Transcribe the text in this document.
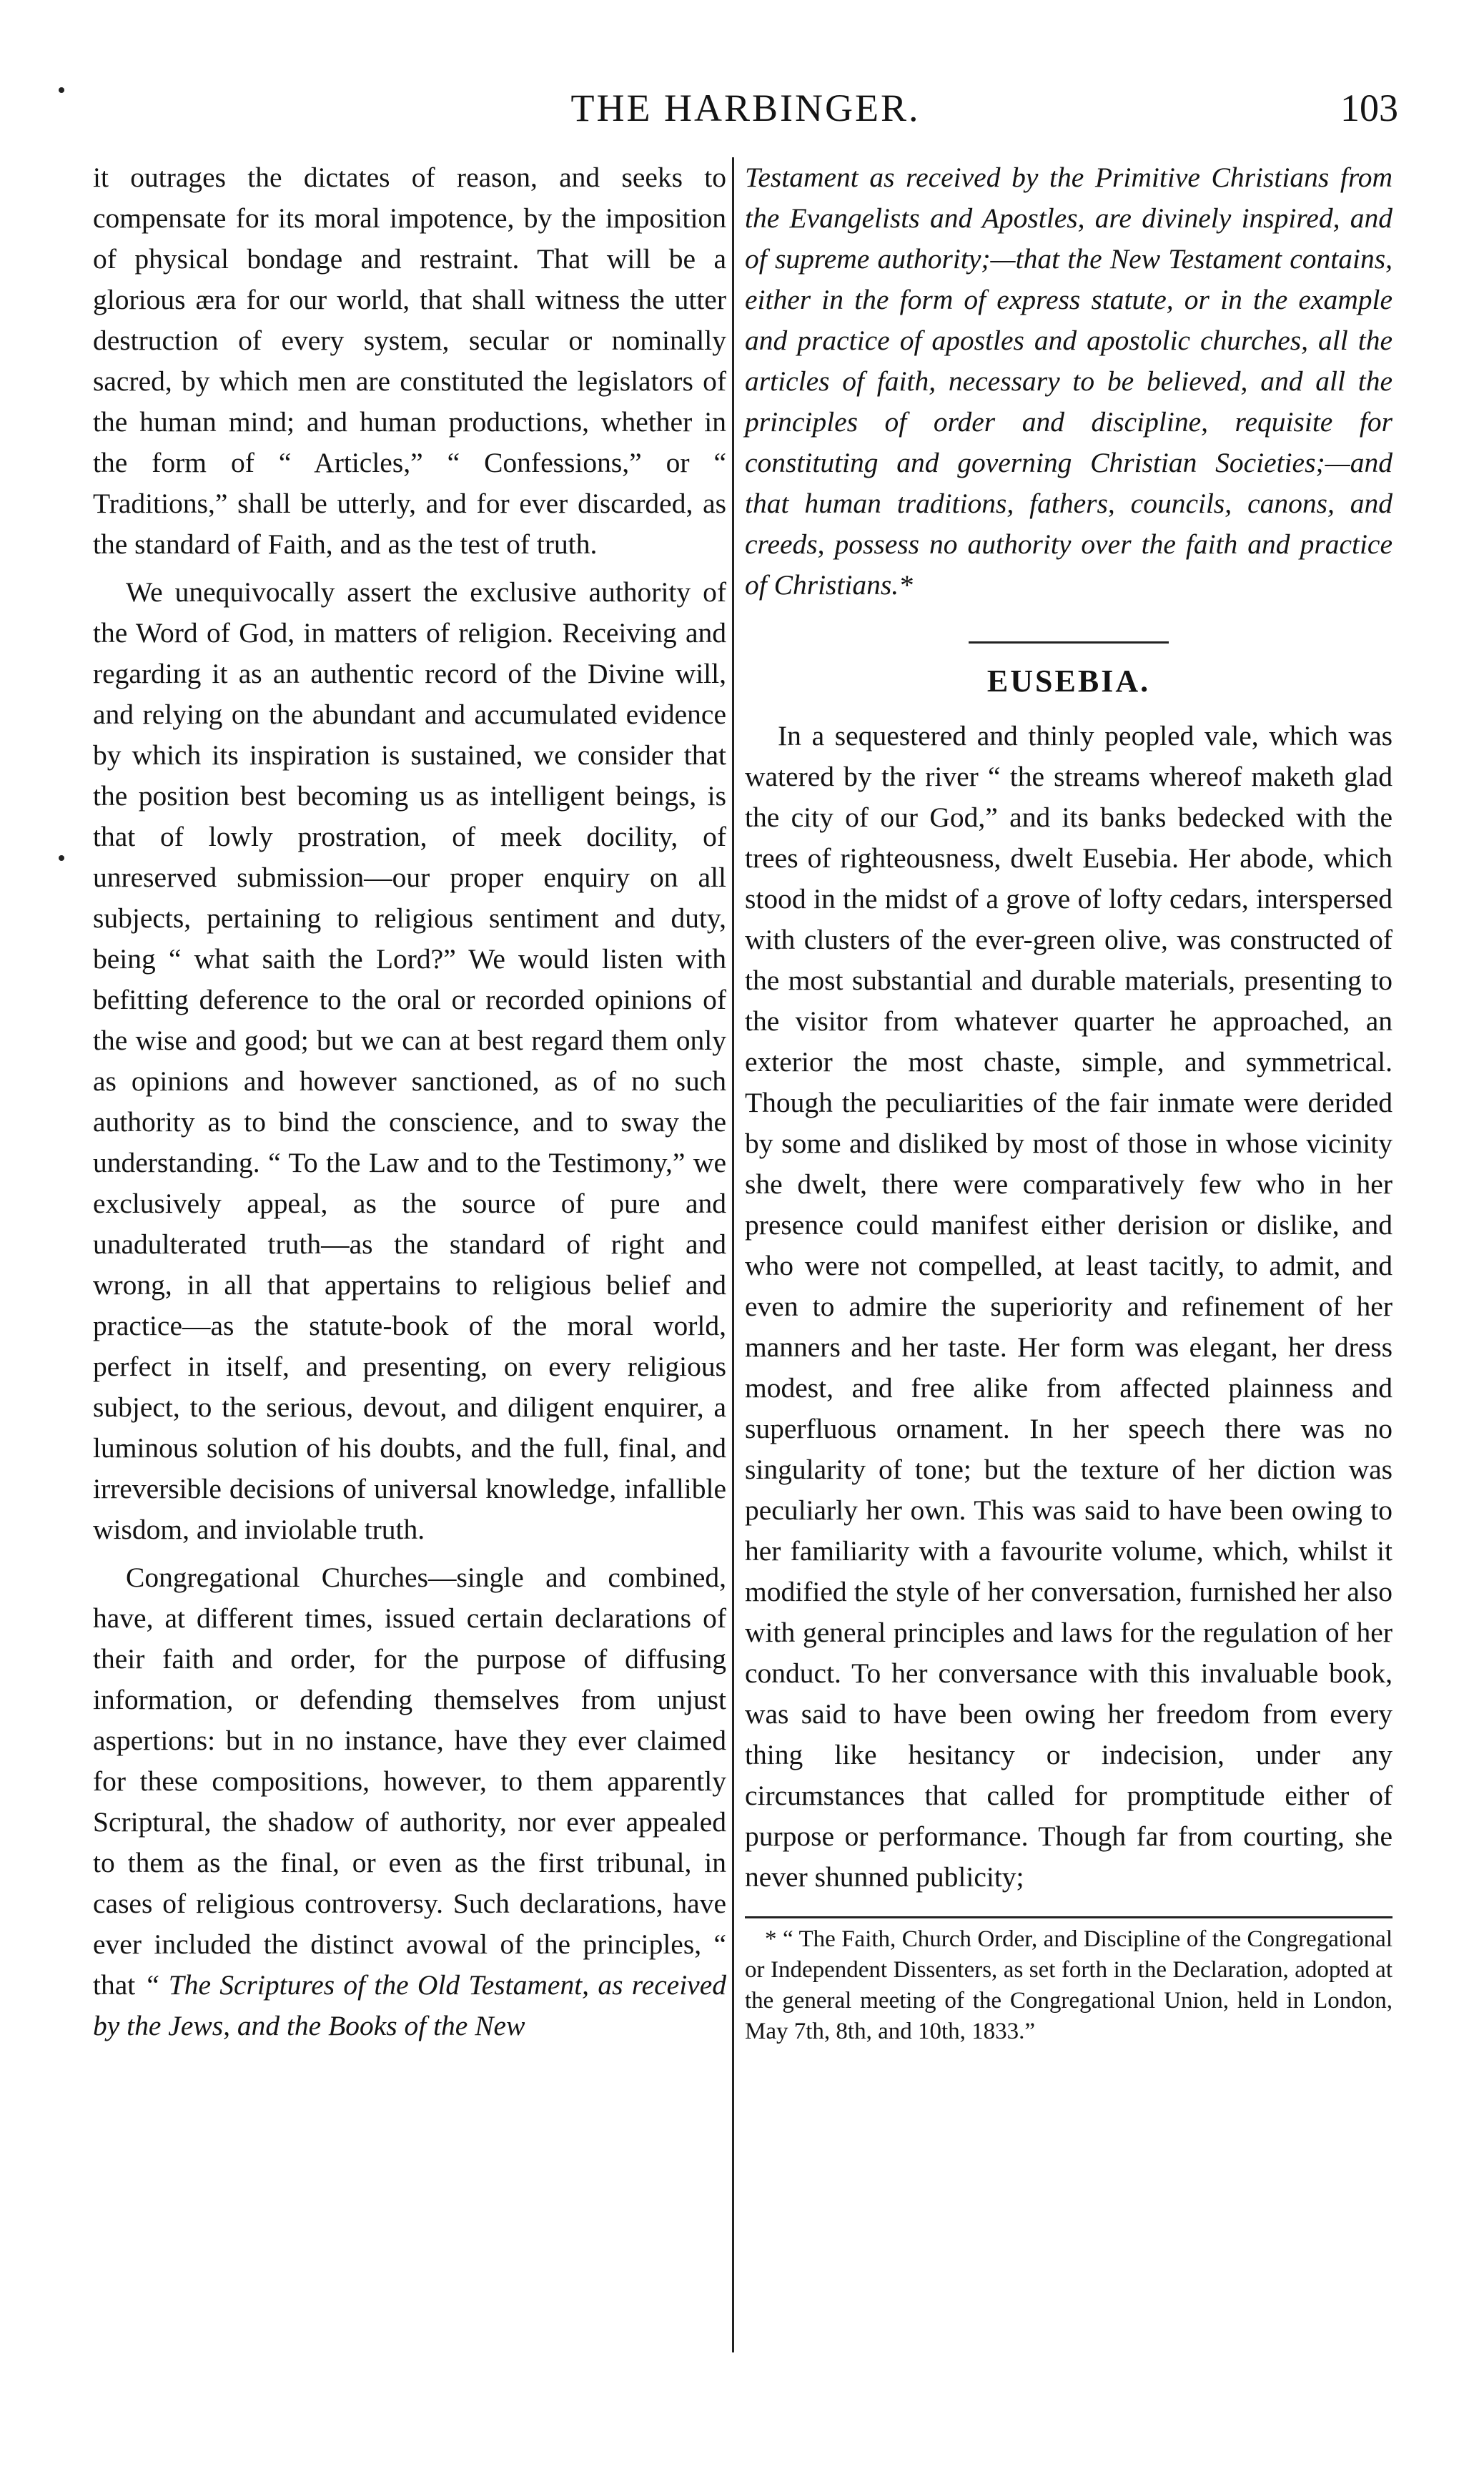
THE HARBINGER.	103

it outrages the dictates of reason, and seeks to compensate for its moral impotence, by the imposition of physical bondage and restraint. That will be a glorious æra for our world, that shall witness the utter destruction of every system, secular or nominally sacred, by which men are constituted the legislators of the human mind; and human productions, whether in the form of “ Articles,” “ Confessions,” or “ Traditions,” shall be utterly, and for ever discarded, as the standard of Faith, and as the test of truth.

We unequivocally assert the exclusive authority of the Word of God, in matters of religion. Receiving and regarding it as an authentic record of the Divine will, and relying on the abundant and accumulated evidence by which its inspiration is sustained, we consider that the position best becoming us as intelligent beings, is that of lowly prostration, of meek docility, of unreserved submission—our proper enquiry on all subjects, pertaining to religious sentiment and duty, being “ what saith the Lord?” We would listen with befitting deference to the oral or recorded opinions of the wise and good; but we can at best regard them only as opinions and however sanctioned, as of no such authority as to bind the conscience, and to sway the understanding. “ To the Law and to the Testimony,” we exclusively appeal, as the source of pure and unadulterated truth—as the standard of right and wrong, in all that appertains to religious belief and practice—as the statute-book of the moral world, perfect in itself, and presenting, on every religious subject, to the serious, devout, and diligent enquirer, a luminous solution of his doubts, and the full, final, and irreversible decisions of universal knowledge, infallible wisdom, and inviolable truth.

Congregational Churches—single and combined, have, at different times, issued certain declarations of their faith and order, for the purpose of diffusing information, or defending themselves from unjust aspertions: but in no instance, have they ever claimed for these compositions, however, to them apparently Scriptural, the shadow of authority, nor ever appealed to them as the final, or even as the first tribunal, in cases of religious controversy. Such declarations, have ever included the distinct avowal of the principles, “ that “ The Scriptures of the Old Testament, as received by the Jews, and the Books of the New

Testament as received by the Primitive Christians from the Evangelists and Apostles, are divinely inspired, and of supreme authority;—that the New Testament contains, either in the form of express statute, or in the example and practice of apostles and apostolic churches, all the articles of faith, necessary to be believed, and all the principles of order and discipline, requisite for constituting and governing Christian Societies;—and that human traditions, fathers, councils, canons, and creeds, possess no authority over the faith and practice of Christians.*

EUSEBIA.

In a sequestered and thinly peopled vale, which was watered by the river “ the streams whereof maketh glad the city of our God,” and its banks bedecked with the trees of righteousness, dwelt Eusebia. Her abode, which stood in the midst of a grove of lofty cedars, interspersed with clusters of the ever-green olive, was constructed of the most substantial and durable materials, presenting to the visitor from whatever quarter he approached, an exterior the most chaste, simple, and symmetrical. Though the peculiarities of the fair inmate were derided by some and disliked by most of those in whose vicinity she dwelt, there were comparatively few who in her presence could manifest either derision or dislike, and who were not compelled, at least tacitly, to admit, and even to admire the superiority and refinement of her manners and her taste. Her form was elegant, her dress modest, and free alike from affected plainness and superfluous ornament. In her speech there was no singularity of tone; but the texture of her diction was peculiarly her own. This was said to have been owing to her familiarity with a favourite volume, which, whilst it modified the style of her conversation, furnished her also with general principles and laws for the regulation of her conduct. To her conversance with this invaluable book, was said to have been owing her freedom from every thing like hesitancy or indecision, under any circumstances that called for promptitude either of purpose or performance. Though far from courting, she never shunned publicity;

* “ The Faith, Church Order, and Discipline of the Congregational or Independent Dissenters, as set forth in the Declaration, adopted at the general meeting of the Congregational Union, held in London, May 7th, 8th, and 10th, 1833.”
